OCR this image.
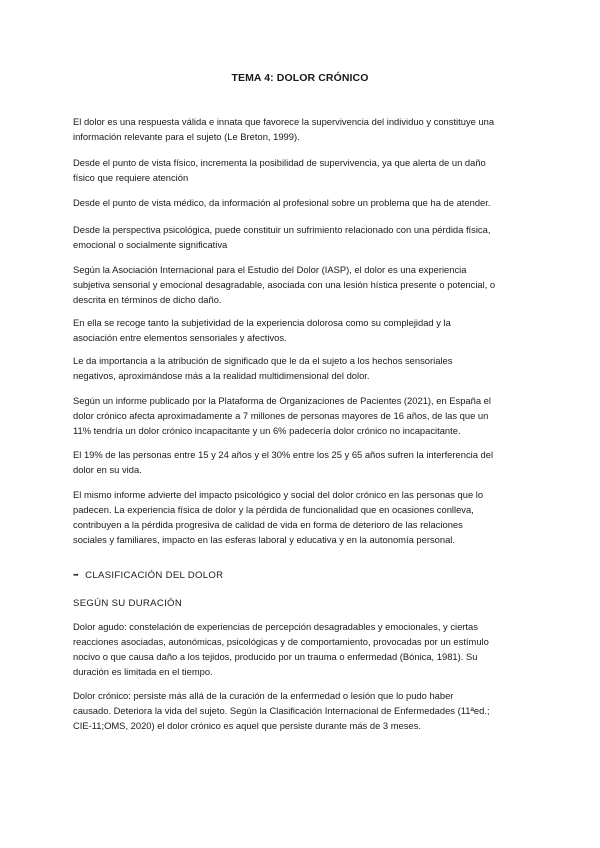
TEMA 4: DOLOR CRÓNICO
El dolor es una respuesta válida e innata que favorece la supervivencia del individuo y constituye una
información relevante para el sujeto (Le Breton, 1999).
Desde el punto de vista físico, incrementa la posibilidad de supervivencia, ya que alerta de un daño
físico que requiere atención
Desde el punto de vista médico, da información al profesional sobre un problema que ha de atender.
Desde la perspectiva psicológica, puede constituir un sufrimiento relacionado con una pérdida física,
emocional o socialmente significativa
Según la Asociación Internacional para el Estudio del Dolor (IASP), el dolor es una experiencia
subjetiva sensorial y emocional desagradable, asociada con una lesión hística presente o potencial, o
descrita en términos de dicho daño.
En ella se recoge tanto la subjetividad de la experiencia dolorosa como su complejidad y la
asociación entre elementos sensoriales y afectivos.
Le da importancia a la atribución de significado que le da el sujeto a los hechos sensoriales
negativos, aproximándose más a la realidad multidimensional del dolor.
Según un informe publicado por la Plataforma de Organizaciones de Pacientes (2021), en España el
dolor crónico afecta aproximadamente a 7 millones de personas mayores de 16 años, de las que un
11% tendría un dolor crónico incapacitante y un 6% padecería dolor crónico no incapacitante.
El 19% de las personas entre 15 y 24 años y el 30% entre los 25 y 65 años sufren la interferencia del
dolor en su vida.
El mismo informe advierte del impacto psicológico y social del dolor crónico en las personas que lo
padecen. La experiencia física de dolor y la pérdida de funcionalidad que en ocasiones conlleva,
contribuyen a la pérdida progresiva de calidad de vida en forma de deterioro de las relaciones
sociales y familiares, impacto en las esferas laboral y educativa y en la autonomía personal.
➥ CLASIFICACIÓN DEL DOLOR
SEGÚN SU DURACIÓN
Dolor agudo: constelación de experiencias de percepción desagradables y emocionales, y ciertas
reacciones asociadas, autonómicas, psicológicas y de comportamiento, provocadas por un estímulo
nocivo o que causa daño a los tejidos, producido por un trauma o enfermedad (Bónica, 1981). Su
duración es limitada en el tiempo.
Dolor crónico: persiste más allá de la curación de la enfermedad o lesión que lo pudo haber
causado. Deteriora la vida del sujeto. Según la Clasificación Internacional de Enfermedades (11ªed.;
CIE-11;OMS, 2020) el dolor crónico es aquel que persiste durante más de 3 meses.
